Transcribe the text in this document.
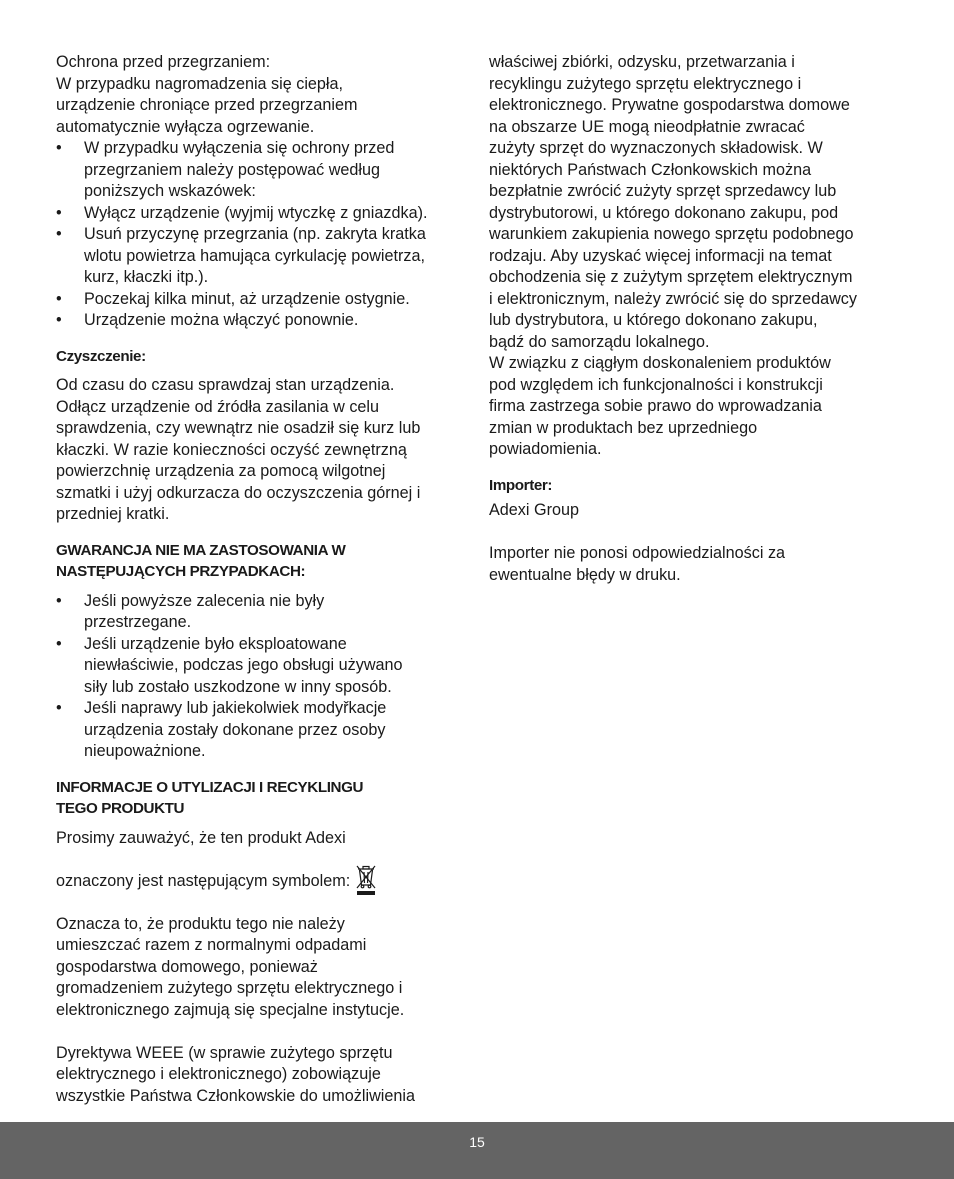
Ochrona przed przegrzaniem:
W przypadku nagromadzenia się ciepła,
urządzenie chroniące przed przegrzaniem
automatycznie wyłącza ogrzewanie.

• W przypadku wyłączenia się ochrony przed
przegrzaniem należy postępować według
poniższych wskazówek:
• Wyłącz urządzenie (wyjmij wtyczkę z gniazdka).
• Usuń przyczynę przegrzania (np. zakryta kratka
wlotu powietrza hamująca cyrkulację powietrza,
kurz, kłaczki itp.).
• Poczekaj kilka minut, aż urządzenie ostygnie.
• Urządzenie można włączyć ponownie.
Czyszczenie:

Od czasu do czasu sprawdzaj stan urządzenia.
Odłącz urządzenie od źródła zasilania w celu
sprawdzenia, czy wewnątrz nie osadził się kurz lub
kłaczki. W razie konieczności oczyść zewnętrzną
powierzchnię urządzenia za pomocą wilgotnej
szmatki i użyj odkurzacza do oczyszczenia górnej i
przedniej kratki.

GWARANCJA NIE MA ZASTOSOWANIA W
NASTĘPUJĄCYCH PRZYPADKACH:
• Jeśli powyższe zalecenia nie były
przestrzegane.
• Jeśli urządzenie było eksploatowane
niewłaściwie, podczas jego obsługi używano
siły lub zostało uszkodzone w inny sposób.
• Jeśli naprawy lub jakiekolwiek modyřkacje
urządzenia zostały dokonane przez osoby
nieupoważnione.
INFORMACJE O UTYLIZACJI I RECYKLINGU
TEGO PRODUKTU

Prosimy zauważyć, że ten produkt Adexi

oznaczony jest następującym symbolem:

Oznacza to, że produktu tego nie należy
umieszczać razem z normalnymi odpadami
gospodarstwa domowego, ponieważ
gromadzeniem zużytego sprzętu elektrycznego i
elektronicznego zajmują się specjalne instytucje.

Dyrektywa WEEE (w sprawie zużytego sprzętu
elektrycznego i elektronicznego) zobowiązuje
wszystkie Państwa Członkowskie do umożliwienia

właściwej zbiórki, odzysku, przetwarzania i
recyklingu zużytego sprzętu elektrycznego i
elektronicznego. Prywatne gospodarstwa domowe
na obszarze UE mogą nieodpłatnie zwracać
zużyty sprzęt do wyznaczonych składowisk. W
niektórych Państwach Członkowskich można
bezpłatnie zwrócić zużyty sprzęt sprzedawcy lub
dystrybutorowi, u którego dokonano zakupu, pod
warunkiem zakupienia nowego sprzętu podobnego
rodzaju. Aby uzyskać więcej informacji na temat
obchodzenia się z zużytym sprzętem elektrycznym
i elektronicznym, należy zwrócić się do sprzedawcy
lub dystrybutora, u którego dokonano zakupu,
bądź do samorządu lokalnego.
W związku z ciągłym doskonaleniem produktów
pod względem ich funkcjonalności i konstrukcji
firma zastrzega sobie prawo do wprowadzania
zmian w produktach bez uprzedniego
powiadomienia.

Importer:

Adexi Group

Importer nie ponosi odpowiedzialności za
ewentualne błędy w druku.

15
